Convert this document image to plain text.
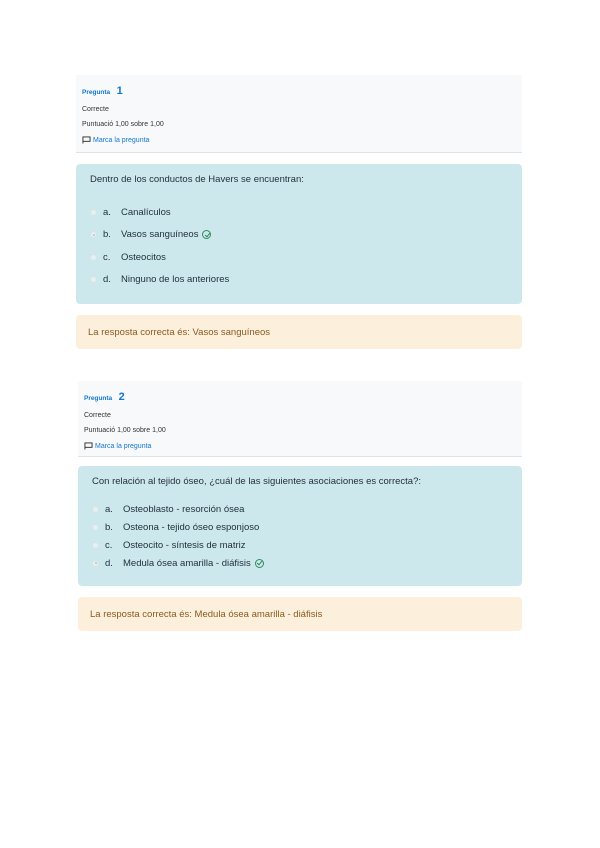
Pregunta 1
Correcte
Puntuació 1,00 sobre 1,00
Marca la pregunta
Dentro de los conductos de Havers se encuentran:
a.	Canalículos
b.	Vasos sanguíneos
c.	Osteocitos
d.	Ninguno de los anteriores
La resposta correcta és: Vasos sanguíneos
Pregunta 2
Correcte
Puntuació 1,00 sobre 1,00
Marca la pregunta
Con relación al tejido óseo, ¿cuál de las siguientes asociaciones es correcta?:
a.	Osteoblasto - resorción ósea
b.	Osteona - tejido óseo esponjoso
c.	Osteocito - síntesis de matriz
d.	Medula ósea amarilla - diáfisis
La resposta correcta és: Medula ósea amarilla - diáfisis
